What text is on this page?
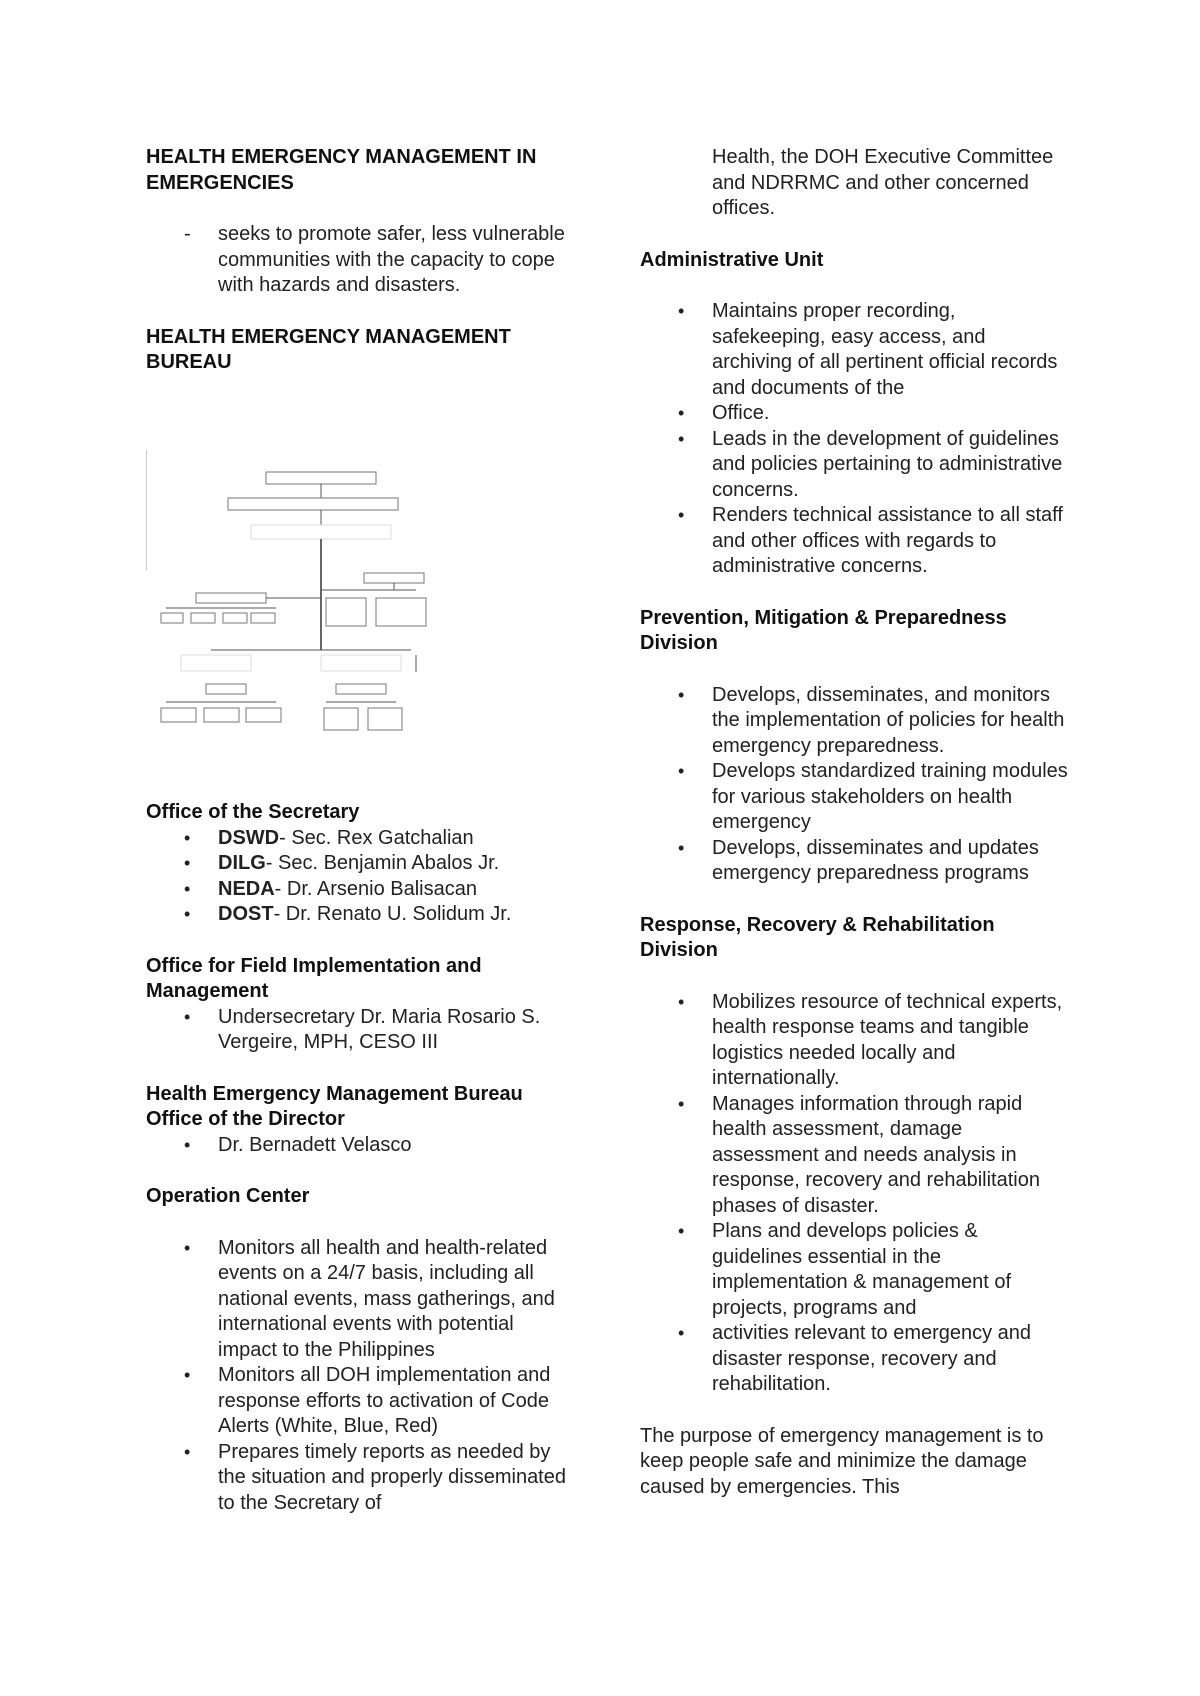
HEALTH EMERGENCY MANAGEMENT IN EMERGENCIES

- seeks to promote safer, less vulnerable communities with the capacity to cope with hazards and disasters.

HEALTH EMERGENCY MANAGEMENT BUREAU

Office of the Secretary

• DSWD- Sec. Rex Gatchalian
• DILG- Sec. Benjamin Abalos Jr.
• NEDA- Dr. Arsenio Balisacan
• DOST- Dr. Renato U. Solidum Jr.

Office for Field Implementation and Management

• Undersecretary Dr. Maria Rosario S. Vergeire, MPH, CESO III

Health Emergency Management Bureau Office of the Director

• Dr. Bernadett Velasco

Operation Center

• Monitors all health and health-related events on a 24/7 basis, including all national events, mass gatherings, and international events with potential impact to the Philippines
• Monitors all DOH implementation and response efforts to activation of Code Alerts (White, Blue, Red)
• Prepares timely reports as needed by the situation and properly disseminated to the Secretary of

Health, the DOH Executive Committee and NDRRMC and other concerned offices.

Administrative Unit

• Maintains proper recording, safekeeping, easy access, and archiving of all pertinent official records and documents of the
• Office.
• Leads in the development of guidelines and policies pertaining to administrative concerns.
• Renders technical assistance to all staff and other offices with regards to administrative concerns.

Prevention, Mitigation & Preparedness Division

• Develops, disseminates, and monitors the implementation of policies for health emergency preparedness.
• Develops standardized training modules for various stakeholders on health emergency
• Develops, disseminates and updates emergency preparedness programs

Response, Recovery & Rehabilitation Division

• Mobilizes resource of technical experts, health response teams and tangible logistics needed locally and internationally.
• Manages information through rapid health assessment, damage assessment and needs analysis in response, recovery and rehabilitation phases of disaster.
• Plans and develops policies & guidelines essential in the implementation & management of projects, programs and
• activities relevant to emergency and disaster response, recovery and rehabilitation.

The purpose of emergency management is to keep people safe and minimize the damage caused by emergencies. This
